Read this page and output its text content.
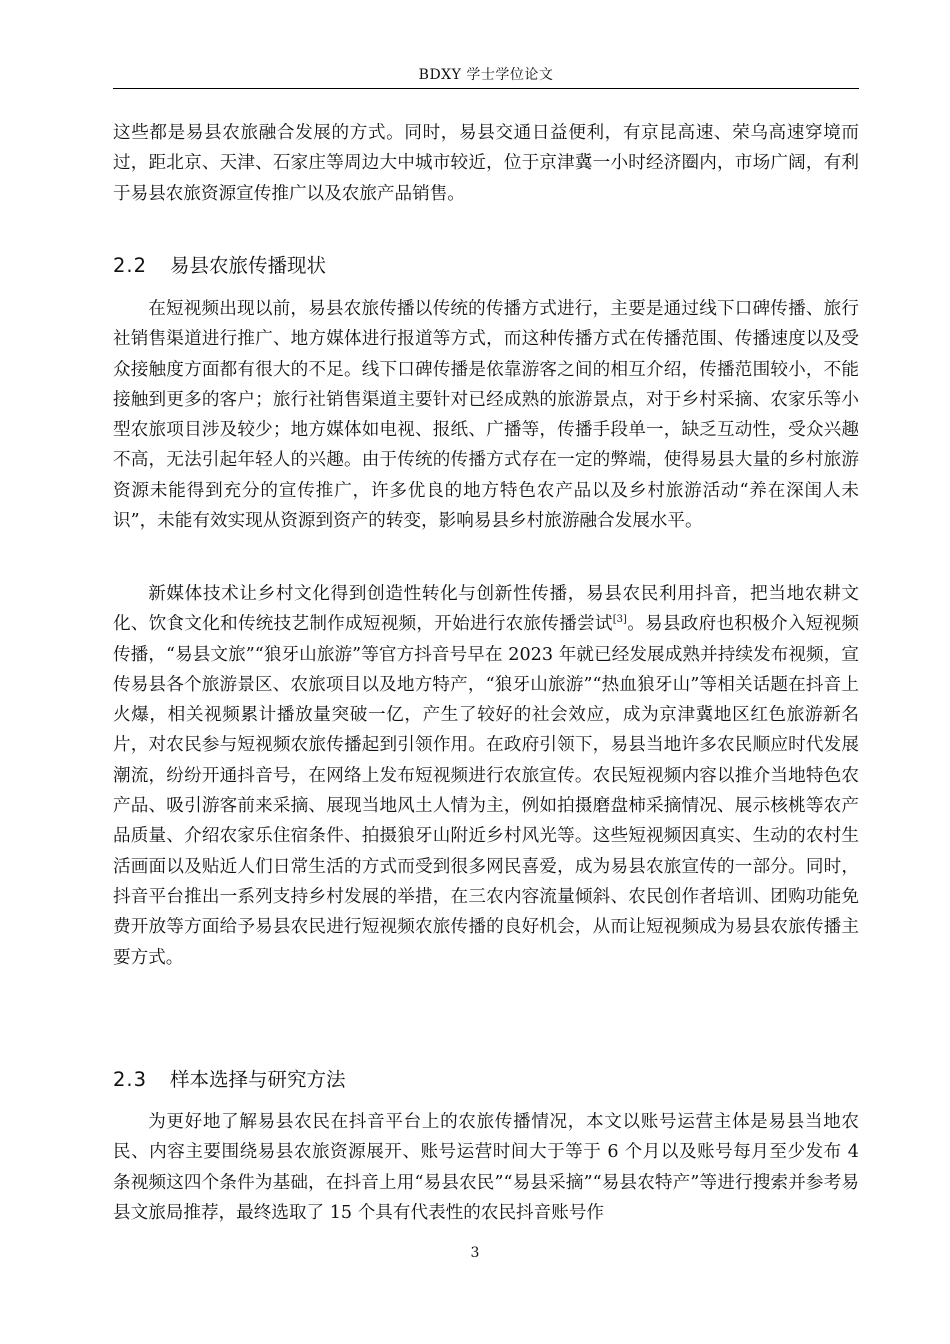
BDXY 学士学位论文

这些都是易县农旅融合发展的方式。同时，易县交通日益便利，有京昆高速、荣乌高速穿境而过，距北京、天津、石家庄等周边大中城市较近，位于京津冀一小时经济圈内，市场广阔，有利于易县农旅资源宣传推广以及农旅产品销售。

2.2 易县农旅传播现状

在短视频出现以前，易县农旅传播以传统的传播方式进行，主要是通过线下口碑传播、旅行社销售渠道进行推广、地方媒体进行报道等方式，而这种传播方式在传播范围、传播速度以及受众接触度方面都有很大的不足。线下口碑传播是依靠游客之间的相互介绍，传播范围较小，不能接触到更多的客户；旅行社销售渠道主要针对已经成熟的旅游景点，对于乡村采摘、农家乐等小型农旅项目涉及较少；地方媒体如电视、报纸、广播等，传播手段单一，缺乏互动性，受众兴趣不高，无法引起年轻人的兴趣。由于传统的传播方式存在一定的弊端，使得易县大量的乡村旅游资源未能得到充分的宣传推广，许多优良的地方特色农产品以及乡村旅游活动“养在深闺人未识”，未能有效实现从资源到资产的转变，影响易县乡村旅游融合发展水平。

新媒体技术让乡村文化得到创造性转化与创新性传播，易县农民利用抖音，把当地农耕文化、饮食文化和传统技艺制作成短视频，开始进行农旅传播尝试[3]。易县政府也积极介入短视频传播，“易县文旅”“狼牙山旅游”等官方抖音号早在 2023 年就已经发展成熟并持续发布视频，宣传易县各个旅游景区、农旅项目以及地方特产，“狼牙山旅游”“热血狼牙山”等相关话题在抖音上火爆，相关视频累计播放量突破一亿，产生了较好的社会效应，成为京津冀地区红色旅游新名片，对农民参与短视频农旅传播起到引领作用。在政府引领下，易县当地许多农民顺应时代发展潮流，纷纷开通抖音号，在网络上发布短视频进行农旅宣传。农民短视频内容以推介当地特色农产品、吸引游客前来采摘、展现当地风土人情为主，例如拍摄磨盘柿采摘情况、展示核桃等农产品质量、介绍农家乐住宿条件、拍摄狼牙山附近乡村风光等。这些短视频因真实、生动的农村生活画面以及贴近人们日常生活的方式而受到很多网民喜爱，成为易县农旅宣传的一部分。同时，抖音平台推出一系列支持乡村发展的举措，在三农内容流量倾斜、农民创作者培训、团购功能免费开放等方面给予易县农民进行短视频农旅传播的良好机会，从而让短视频成为易县农旅传播主要方式。

2.3 样本选择与研究方法

为更好地了解易县农民在抖音平台上的农旅传播情况，本文以账号运营主体是易县当地农民、内容主要围绕易县农旅资源展开、账号运营时间大于等于 6 个月以及账号每月至少发布 4 条视频这四个条件为基础，在抖音上用“易县农民”“易县采摘”“易县农特产”等进行搜索并参考易县文旅局推荐，最终选取了 15 个具有代表性的农民抖音账号作

3
